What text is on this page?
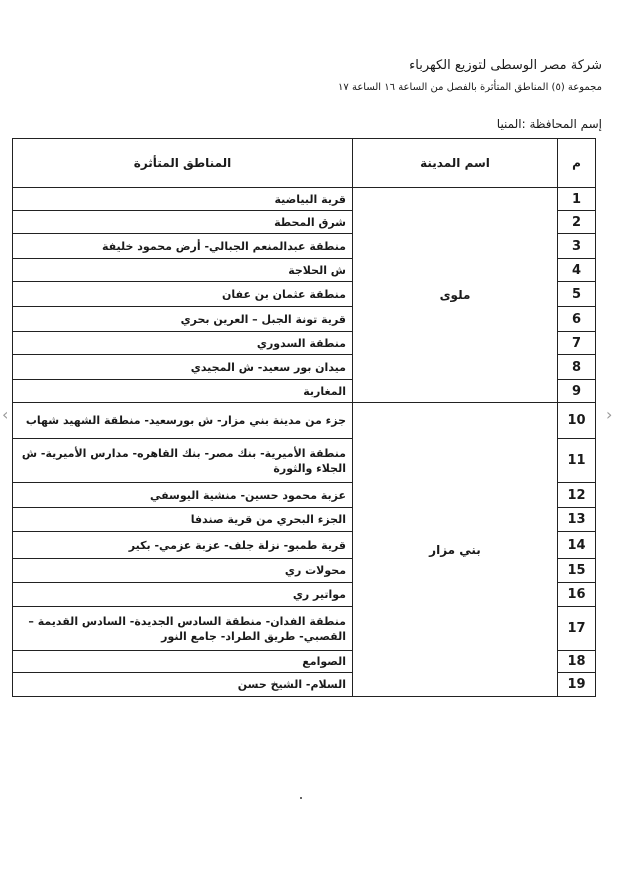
شركة مصر الوسطى لتوزيع الكهرباء
مجموعة (٥) المناطق المتأثرة بالفصل من الساعة ١٦ الساعة ١٧
إسم المحافظة :المنيا
م	اسم المدينة	المناطق المتأثرة
1	ملوى	قرية البياضية
2		شرق المحطة
3		منطقة عبدالمنعم الجبالي- أرض محمود خليفة
4		ش الحلاجة
5		منطقة عثمان بن عفان
6		قرية تونة الجبل – العرين بحري
7		منطقة السدوري
8		ميدان بور سعيد- ش المجيدي
9		المغاربة
10	بني مزار	جزء من مدينة بني مزار- ش بورسعيد- منطقة الشهيد شهاب
11		منطقة الأميرية- بنك مصر- بنك القاهره- مدارس الأميرية- ش الجلاء والثورة
12		عزبة محمود حسين- منشية اليوسفي
13		الجزء البحري من قرية صندفا
14		قرية طمبو- نزلة جلف- عزبة عزمي- بكير
15		محولات ري
16		مواتير ري
17		منطقة الفدان- منطقة السادس الجديدة- السادس القديمة – القصبي- طريق الطراد- جامع النور
18		الصوامع
19		السلام- الشيخ حسن
‹	›
